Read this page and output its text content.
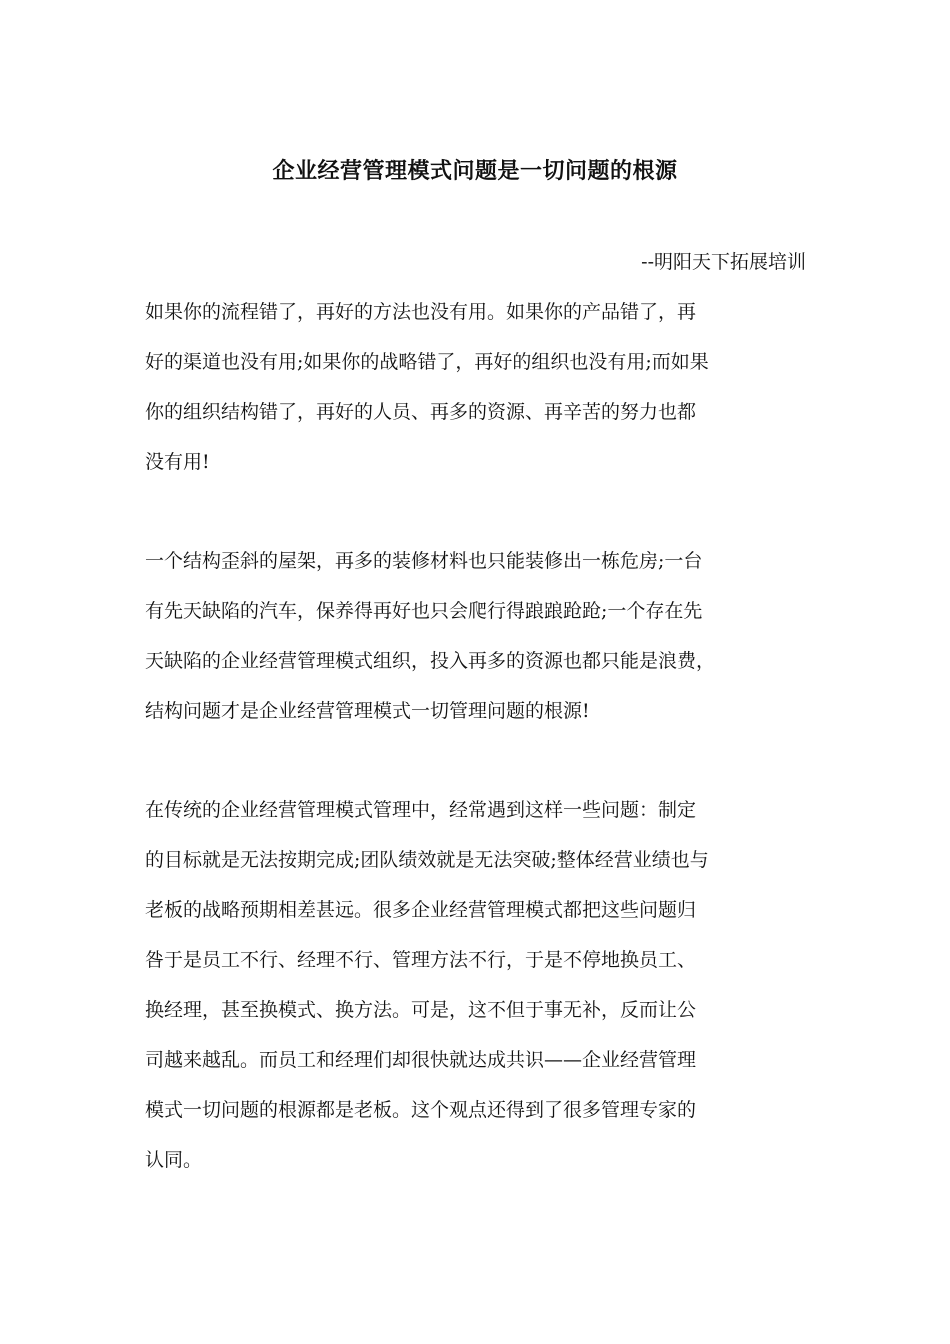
企业经营管理模式问题是一切问题的根源
--明阳天下拓展培训
如果你的流程错了，再好的方法也没有用。如果你的产品错了，再
好的渠道也没有用;如果你的战略错了，再好的组织也没有用;而如果
你的组织结构错了，再好的人员、再多的资源、再辛苦的努力也都
没有用!
一个结构歪斜的屋架，再多的装修材料也只能装修出一栋危房;一台
有先天缺陷的汽车，保养得再好也只会爬行得踉踉跄跄;一个存在先
天缺陷的企业经营管理模式组织，投入再多的资源也都只能是浪费，
结构问题才是企业经营管理模式一切管理问题的根源!
在传统的企业经营管理模式管理中，经常遇到这样一些问题：制定
的目标就是无法按期完成;团队绩效就是无法突破;整体经营业绩也与
老板的战略预期相差甚远。很多企业经营管理模式都把这些问题归
咎于是员工不行、经理不行、管理方法不行，于是不停地换员工、
换经理，甚至换模式、换方法。可是，这不但于事无补，反而让公
司越来越乱。而员工和经理们却很快就达成共识——企业经营管理
模式一切问题的根源都是老板。这个观点还得到了很多管理专家的
认同。
